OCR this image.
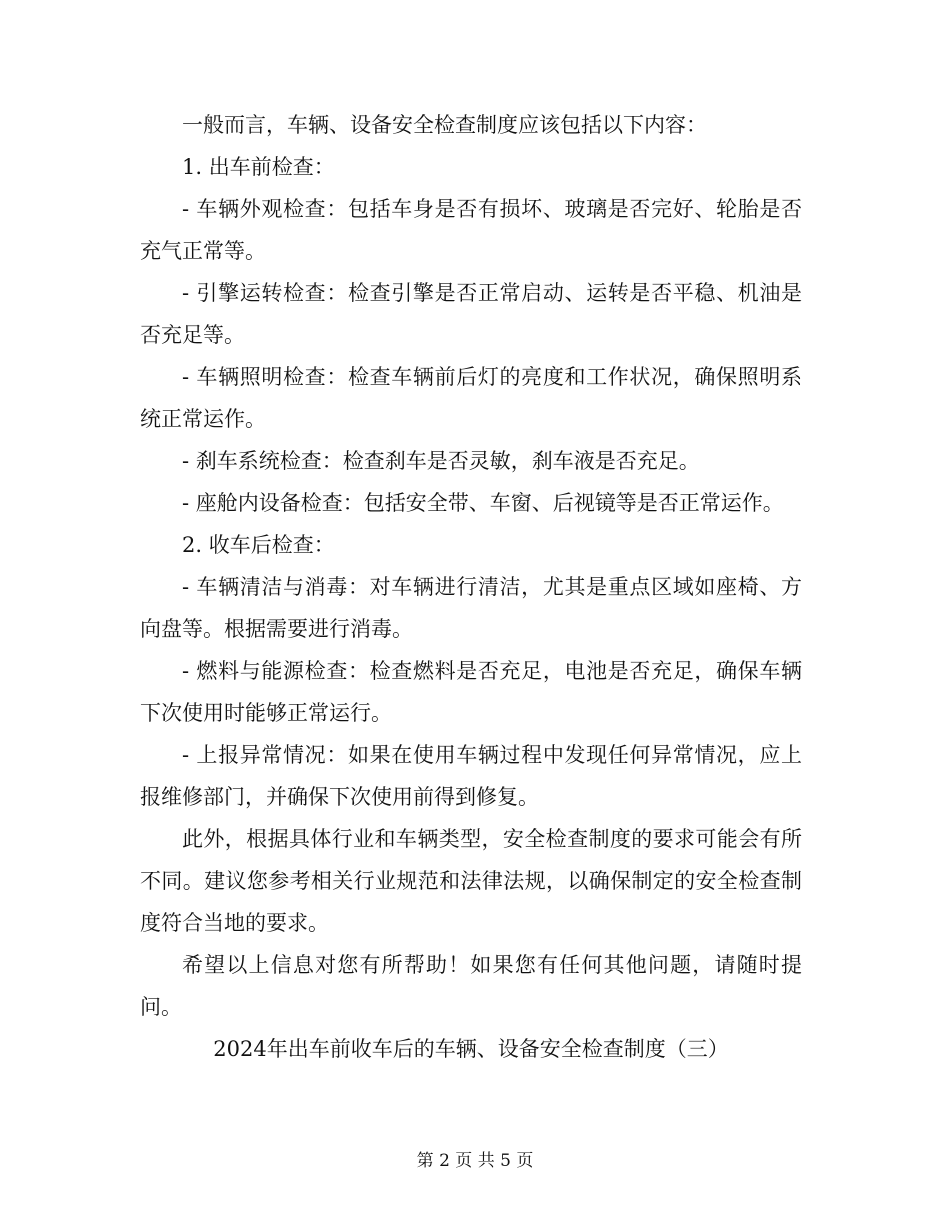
一般而言，车辆、设备安全检查制度应该包括以下内容：

1. 出车前检查：

- 车辆外观检查：包括车身是否有损坏、玻璃是否完好、轮胎是否充气正常等。

- 引擎运转检查：检查引擎是否正常启动、运转是否平稳、机油是否充足等。

- 车辆照明检查：检查车辆前后灯的亮度和工作状况，确保照明系统正常运作。

- 刹车系统检查：检查刹车是否灵敏，刹车液是否充足。

- 座舱内设备检查：包括安全带、车窗、后视镜等是否正常运作。

2. 收车后检查：

- 车辆清洁与消毒：对车辆进行清洁，尤其是重点区域如座椅、方向盘等。根据需要进行消毒。

- 燃料与能源检查：检查燃料是否充足，电池是否充足，确保车辆下次使用时能够正常运行。

- 上报异常情况：如果在使用车辆过程中发现任何异常情况，应上报维修部门，并确保下次使用前得到修复。

此外，根据具体行业和车辆类型，安全检查制度的要求可能会有所不同。建议您参考相关行业规范和法律法规，以确保制定的安全检查制度符合当地的要求。

希望以上信息对您有所帮助！如果您有任何其他问题，请随时提问。

2024年出车前收车后的车辆、设备安全检查制度（三）

第 2 页 共 5 页
